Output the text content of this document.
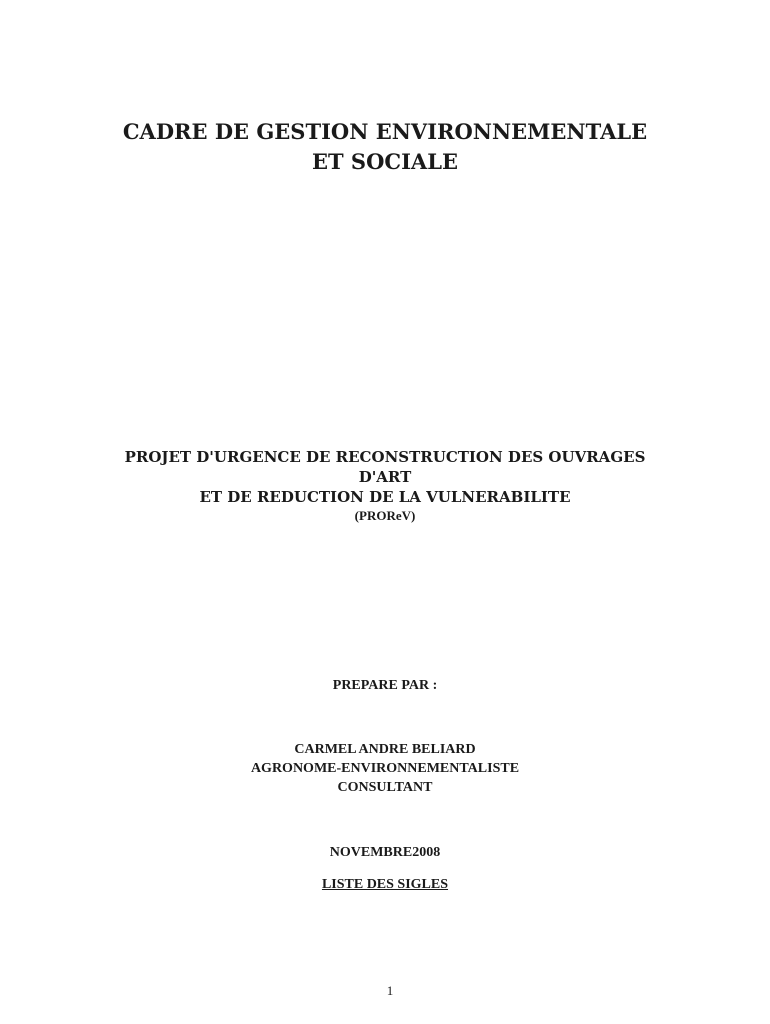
CADRE DE GESTION ENVIRONNEMENTALE
ET SOCIALE
PROJET D'URGENCE DE RECONSTRUCTION DES OUVRAGES
D'ART
ET DE REDUCTION DE LA VULNERABILITE
(PROReV)
PREPARE PAR :
CARMEL ANDRE BELIARD
AGRONOME-ENVIRONNEMENTALISTE
CONSULTANT
NOVEMBRE2008
LISTE DES SIGLES
1
